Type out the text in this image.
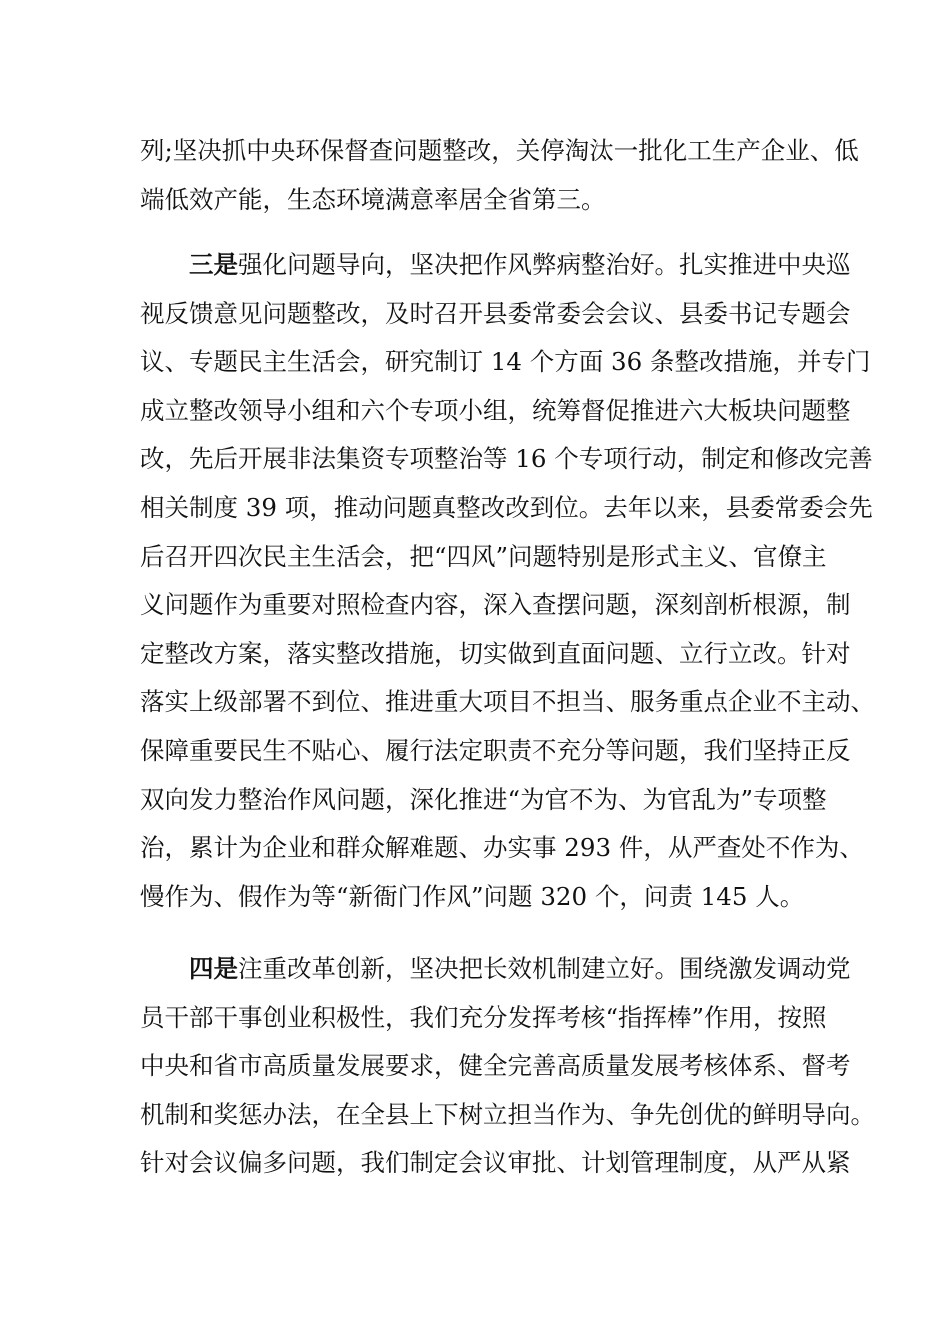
列;坚决抓中央环保督查问题整改，关停淘汰一批化工生产企业、低
端低效产能，生态环境满意率居全省第三。
三是强化问题导向，坚决把作风弊病整治好。扎实推进中央巡
视反馈意见问题整改，及时召开县委常委会会议、县委书记专题会
议、专题民主生活会，研究制订 14 个方面 36 条整改措施，并专门
成立整改领导小组和六个专项小组，统筹督促推进六大板块问题整
改，先后开展非法集资专项整治等 16 个专项行动，制定和修改完善
相关制度 39 项，推动问题真整改改到位。去年以来，县委常委会先
后召开四次民主生活会，把“四风”问题特别是形式主义、官僚主
义问题作为重要对照检查内容，深入查摆问题，深刻剖析根源，制
定整改方案，落实整改措施，切实做到直面问题、立行立改。针对
落实上级部署不到位、推进重大项目不担当、服务重点企业不主动、
保障重要民生不贴心、履行法定职责不充分等问题，我们坚持正反
双向发力整治作风问题，深化推进“为官不为、为官乱为”专项整
治，累计为企业和群众解难题、办实事 293 件，从严查处不作为、
慢作为、假作为等“新衙门作风”问题 320 个，问责 145 人。
四是注重改革创新，坚决把长效机制建立好。围绕激发调动党
员干部干事创业积极性，我们充分发挥考核“指挥棒”作用，按照
中央和省市高质量发展要求，健全完善高质量发展考核体系、督考
机制和奖惩办法，在全县上下树立担当作为、争先创优的鲜明导向。
针对会议偏多问题，我们制定会议审批、计划管理制度，从严从紧
